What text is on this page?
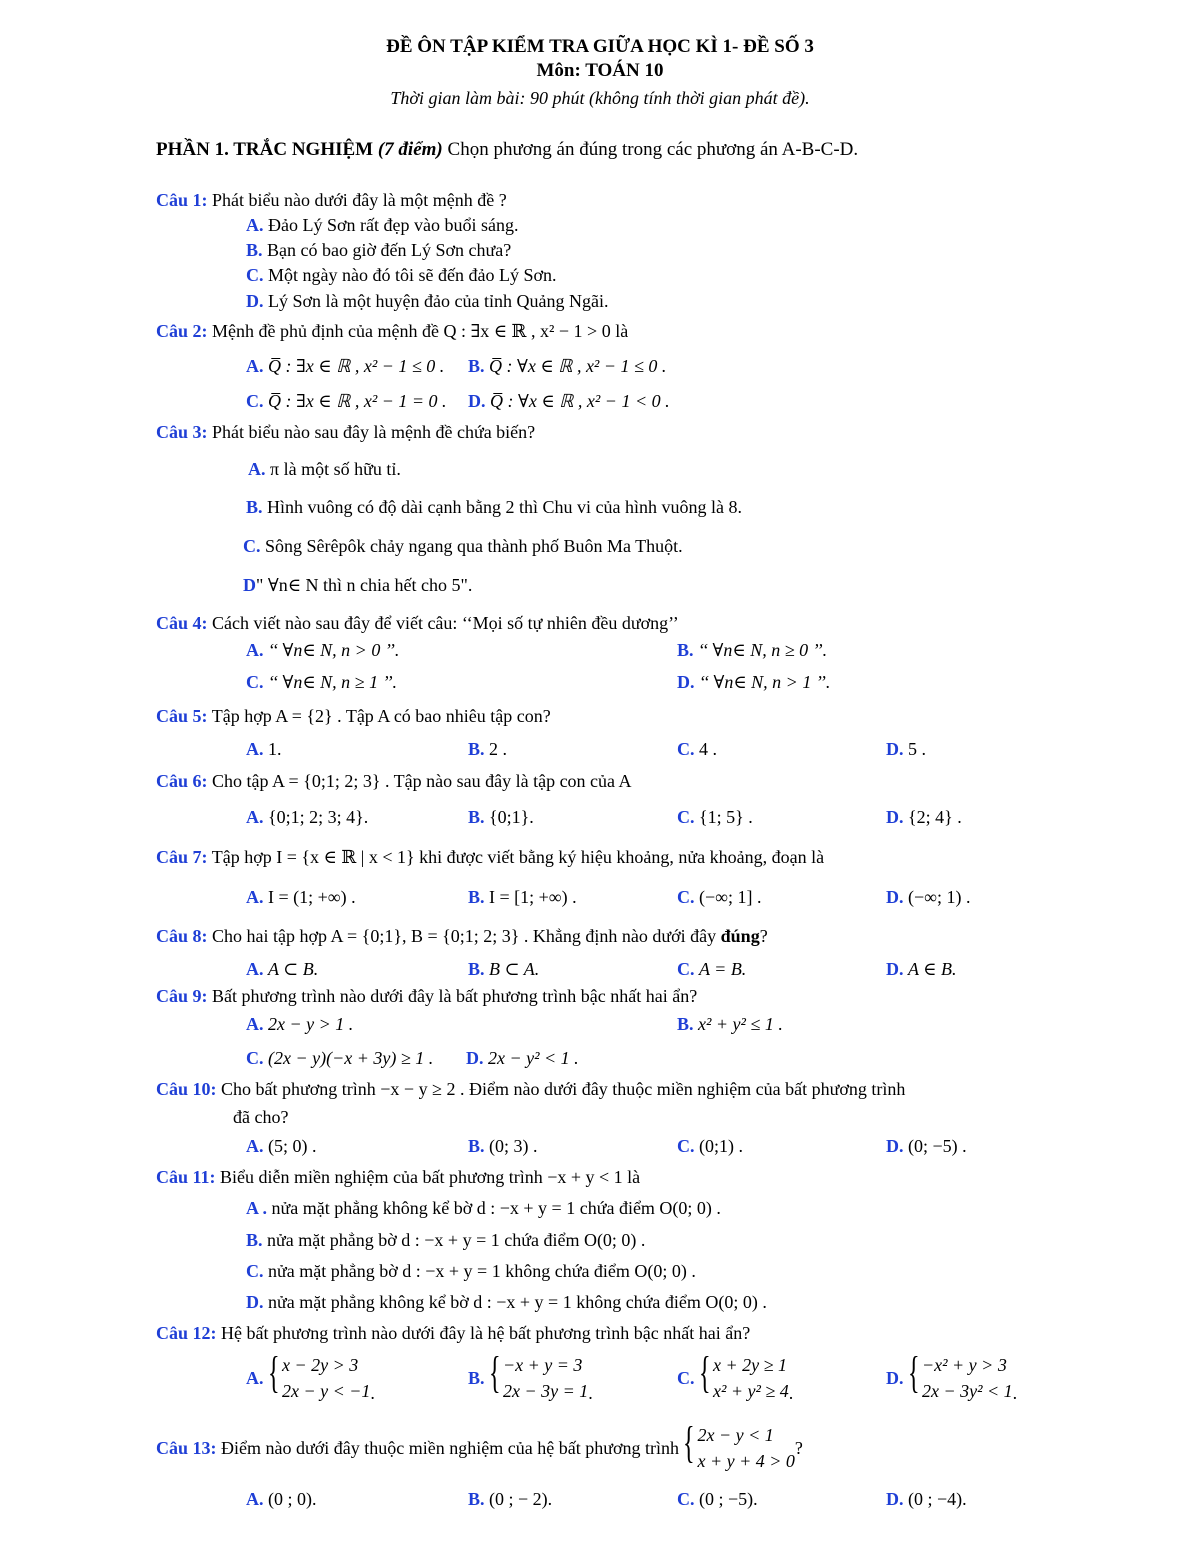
ĐỀ ÔN TẬP KIỂM TRA GIỮA HỌC KÌ 1- ĐỀ SỐ 3
Môn: TOÁN 10
Thời gian làm bài: 90 phút (không tính thời gian phát đề).
PHẦN 1. TRẮC NGHIỆM (7 điểm) Chọn phương án đúng trong các phương án A-B-C-D.
Câu 1: Phát biểu nào dưới đây là một mệnh đề ?
A. Đảo Lý Sơn rất đẹp vào buổi sáng.
B. Bạn có bao giờ đến Lý Sơn chưa?
C. Một ngày nào đó tôi sẽ đến đảo Lý Sơn.
D. Lý Sơn là một huyện đảo của tỉnh Quảng Ngãi.
Câu 2: Mệnh đề phủ định của mệnh đề Q : ∃x ∈ ℝ , x² − 1 > 0 là
A. Q̅ : ∃x ∈ ℝ , x² − 1 ≤ 0 . B. Q̅ : ∀x ∈ ℝ , x² − 1 ≤ 0 .
C. Q̅ : ∃x ∈ ℝ , x² − 1 = 0 . D. Q̅ : ∀x ∈ ℝ , x² − 1 < 0 .
Câu 3: Phát biểu nào sau đây là mệnh đề chứa biến?
A. π là một số hữu tỉ.
B. Hình vuông có độ dài cạnh bằng 2 thì Chu vi của hình vuông là 8.
C. Sông Sêrêpôk chảy ngang qua thành phố Buôn Ma Thuột.
D" ∀n∈ N thì n chia hết cho 5".
Câu 4: Cách viết nào sau đây để viết câu: ‘‘Mọi số tự nhiên đều dương’’
A. ‘‘ ∀n∈ N, n > 0 ’’.	B. ‘‘ ∀n∈ N, n ≥ 0 ’’.
C. ‘‘ ∀n∈ N, n ≥ 1 ’’.	D. ‘‘ ∀n∈ N, n > 1 ’’.
Câu 5: Tập hợp A = {2} . Tập A có bao nhiêu tập con?
A. 1.	B. 2 .	C. 4 .	D. 5 .
Câu 6: Cho tập A = {0;1; 2; 3} . Tập nào sau đây là tập con của A
A. {0;1; 2; 3; 4}.	B. {0;1}.	C. {1; 5} .	D. {2; 4} .
Câu 7: Tập hợp I = {x ∈ ℝ | x < 1} khi được viết bằng ký hiệu khoảng, nửa khoảng, đoạn là
A. I = (1; +∞) .	B. I = [1; +∞) .	C. (−∞; 1] .	D. (−∞; 1) .
Câu 8: Cho hai tập hợp A = {0;1}, B = {0;1; 2; 3} . Khẳng định nào dưới đây đúng?
A. A ⊂ B.	B. B ⊂ A.	C. A = B.	D. A ∈ B.
Câu 9: Bất phương trình nào dưới đây là bất phương trình bậc nhất hai ẩn?
A. 2x − y > 1 .	B. x² + y² ≤ 1 .
C. (2x − y)(−x + 3y) ≥ 1 . D. 2x − y² < 1 .
Câu 10: Cho bất phương trình −x − y ≥ 2 . Điểm nào dưới đây thuộc miền nghiệm của bất phương trình
đã cho?
A. (5; 0) .	B. (0; 3) .	C. (0;1) .	D. (0; −5) .
Câu 11: Biểu diễn miền nghiệm của bất phương trình −x + y < 1 là
A . nửa mặt phẳng không kể bờ d : −x + y = 1 chứa điểm O(0; 0) .
B. nửa mặt phẳng bờ d : −x + y = 1 chứa điểm O(0; 0) .
C. nửa mặt phẳng bờ d : −x + y = 1 không chứa điểm O(0; 0) .
D. nửa mặt phẳng không kể bờ d : −x + y = 1 không chứa điểm O(0; 0) .
Câu 12: Hệ bất phương trình nào dưới đây là hệ bất phương trình bậc nhất hai ẩn?
A. { x − 2y > 3
2x − y < −1 .
B. { −x + y = 3
2x − 3y = 1 .
C. { x + 2y ≥ 1
x² + y² ≥ 4 .
D. { −x² + y > 3
2x − 3y² < 1 .
Câu 13: Điểm nào dưới đây thuộc miền nghiệm của hệ bất phương trình { 2x − y < 1
x + y + 4 > 0
?
A. (0 ; 0).	B. (0 ; − 2).	C. (0 ; −5).	D. (0 ; −4).
